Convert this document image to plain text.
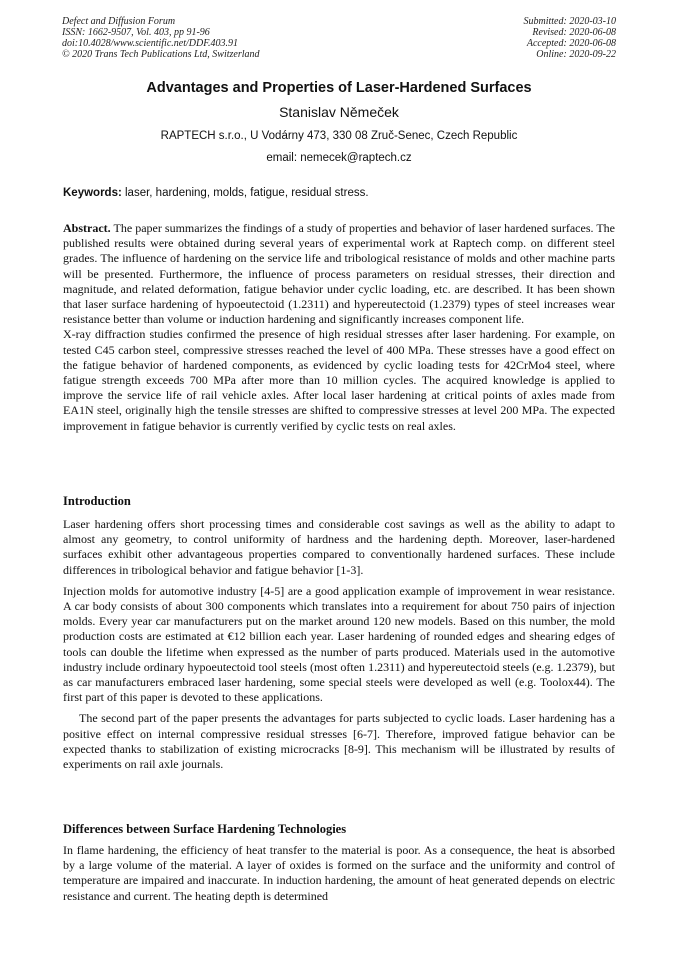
Defect and Diffusion Forum
ISSN: 1662-9507, Vol. 403, pp 91-96
doi:10.4028/www.scientific.net/DDF.403.91
© 2020 Trans Tech Publications Ltd, Switzerland
Submitted: 2020-03-10
Revised: 2020-06-08
Accepted: 2020-06-08
Online: 2020-09-22
Advantages and Properties of Laser-Hardened Surfaces
Stanislav Němeček
RAPTECH s.r.o., U Vodárny 473, 330 08 Zruč-Senec, Czech Republic
email: nemecek@raptech.cz
Keywords: laser, hardening, molds, fatigue, residual stress.

Abstract. The paper summarizes the findings of a study of properties and behavior of laser hardened surfaces. The published results were obtained during several years of experimental work at Raptech comp. on different steel grades. The influence of hardening on the service life and tribological resistance of molds and other machine parts will be presented. Furthermore, the influence of process parameters on residual stresses, their direction and magnitude, and related deformation, fatigue behavior under cyclic loading, etc. are described. It has been shown that laser surface hardening of hypoeutectoid (1.2311) and hypereutectoid (1.2379) types of steel increases wear resistance better than volume or induction hardening and significantly increases component life.

X-ray diffraction studies confirmed the presence of high residual stresses after laser hardening. For example, on tested C45 carbon steel, compressive stresses reached the level of 400 MPa. These stresses have a good effect on the fatigue behavior of hardened components, as evidenced by cyclic loading tests for 42CrMo4 steel, where fatigue strength exceeds 700 MPa after more than 10 million cycles. The acquired knowledge is applied to improve the service life of rail vehicle axles. After local laser hardening at critical points of axles made from EA1N steel, originally high the tensile stresses are shifted to compressive stresses at level 200 MPa. The expected improvement in fatigue behavior is currently verified by cyclic tests on real axles.

Introduction

Laser hardening offers short processing times and considerable cost savings as well as the ability to adapt to almost any geometry, to control uniformity of hardness and the hardening depth. Moreover, laser-hardened surfaces exhibit other advantageous properties compared to conventionally hardened surfaces. These include differences in tribological behavior and fatigue behavior [1-3].

Injection molds for automotive industry [4-5] are a good application example of improvement in wear resistance. A car body consists of about 300 components which translates into a requirement for about 750 pairs of injection molds. Every year car manufacturers put on the market around 120 new models. Based on this number, the mold production costs are estimated at €12 billion each year. Laser hardening of rounded edges and shearing edges of tools can double the lifetime when expressed as the number of parts produced. Materials used in the automotive industry include ordinary hypoeutectoid tool steels (most often 1.2311) and hypereutectoid steels (e.g. 1.2379), but as car manufacturers embraced laser hardening, some special steels were developed as well (e.g. Toolox44). The first part of this paper is devoted to these applications.

The second part of the paper presents the advantages for parts subjected to cyclic loads. Laser hardening has a positive effect on internal compressive residual stresses [6-7]. Therefore, improved fatigue behavior can be expected thanks to stabilization of existing microcracks [8-9]. This mechanism will be illustrated by results of experiments on rail axle journals.

Differences between Surface Hardening Technologies

In flame hardening, the efficiency of heat transfer to the material is poor. As a consequence, the heat is absorbed by a large volume of the material. A layer of oxides is formed on the surface and the uniformity and control of temperature are impaired and inaccurate. In induction hardening, the amount of heat generated depends on electric resistance and current. The heating depth is determined
